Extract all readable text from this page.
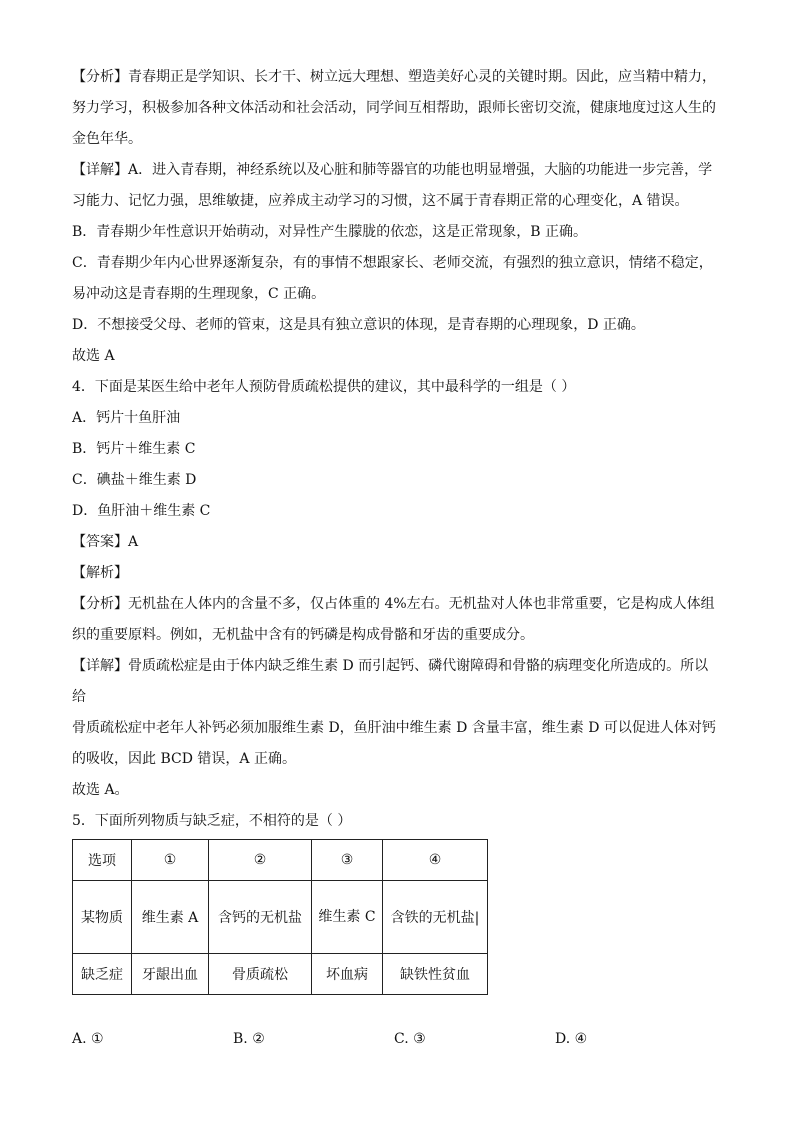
【分析】青春期正是学知识、长才干、树立远大理想、塑造美好心灵的关键时期。因此，应当精中精力，

努力学习，积极参加各种文体活动和社会活动，同学间互相帮助，跟师长密切交流，健康地度过这人生的

金色年华。

【详解】A．进入青春期，神经系统以及心脏和肺等器官的功能也明显增强，大脑的功能进一步完善，学

习能力、记忆力强，思维敏捷，应养成主动学习的习惯，这不属于青春期正常的心理变化，A 错误。

B．青春期少年性意识开始萌动，对异性产生朦胧的依恋，这是正常现象，B 正确。

C．青春期少年内心世界逐渐复杂，有的事情不想跟家长、老师交流，有强烈的独立意识，情绪不稳定，

易冲动这是青春期的生理现象，C 正确。

D．不想接受父母、老师的管束，这是具有独立意识的体现，是青春期的心理现象，D 正确。

故选 A

4．下面是某医生给中老年人预防骨质疏松提供的建议，其中最科学的一组是（ ）

A．钙片十鱼肝油

B．钙片＋维生素 C

C．碘盐＋维生素 D

D．鱼肝油＋维生素 C

【答案】A

【解析】

【分析】无机盐在人体内的含量不多，仅占体重的 4%左右。无机盐对人体也非常重要，它是构成人体组

织的重要原料。例如，无机盐中含有的钙磷是构成骨骼和牙齿的重要成分。

【详解】骨质疏松症是由于体内缺乏维生素 D 而引起钙、磷代谢障碍和骨骼的病理变化所造成的。所以给

骨质疏松症中老年人补钙必须加服维生素 D，鱼肝油中维生素 D 含量丰富，维生素 D 可以促进人体对钙

的吸收，因此 BCD 错误，A 正确。

故选 A。

5．下面所列物质与缺乏症，不相符的是（ ）

选项	①	②	③	④
某物质	维生素 A	含钙的无机盐	维生素 C	含铁的无机盐|
缺乏症	牙龈出血	骨质疏松	坏血病	缺铁性贫血
A. ①	B. ②	C. ③	D. ④
